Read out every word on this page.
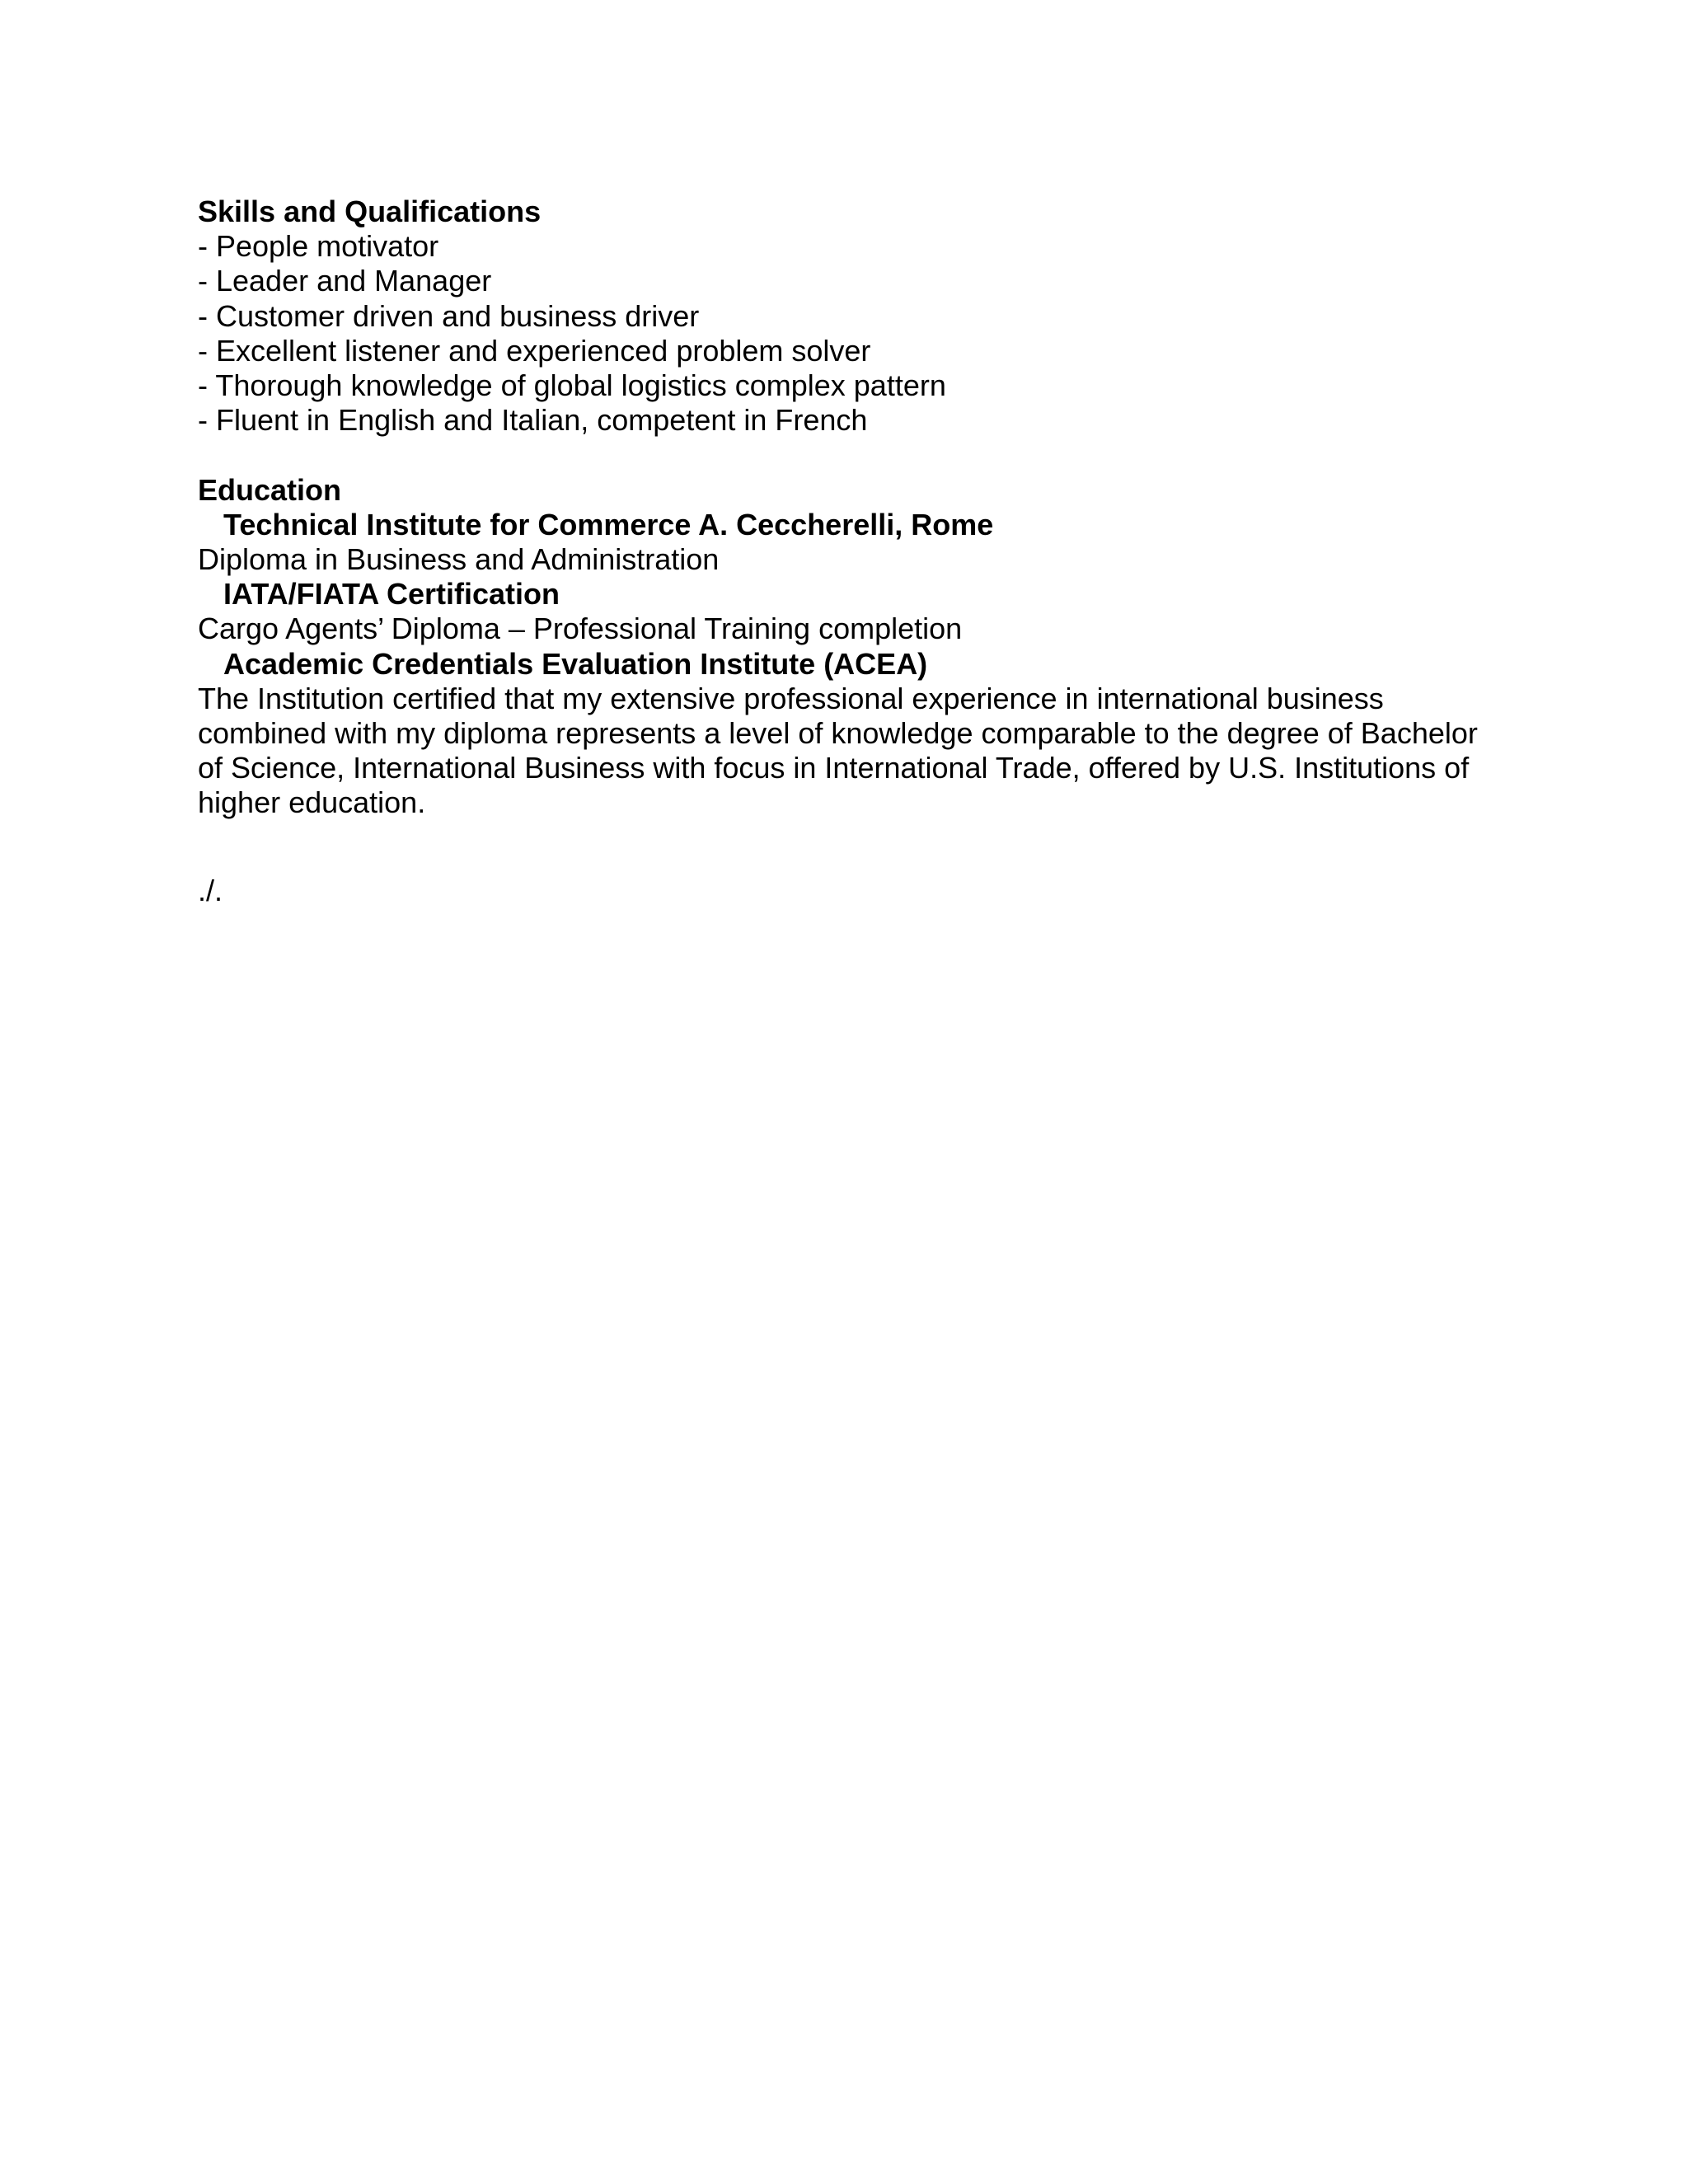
Skills and Qualifications
- People motivator
- Leader and Manager
- Customer driven and business driver
- Excellent listener and experienced problem solver
- Thorough knowledge of global logistics complex pattern
- Fluent in English and Italian, competent in French
Education
Technical Institute for Commerce A. Ceccherelli, Rome
Diploma in Business and Administration
IATA/FIATA Certification
Cargo Agents’ Diploma – Professional Training completion
Academic Credentials Evaluation Institute (ACEA)
The Institution certified that my extensive professional experience in international business combined with my diploma represents a level of knowledge comparable to the degree of Bachelor of Science, International Business with focus in International Trade, offered by U.S. Institutions of higher education.
./.
